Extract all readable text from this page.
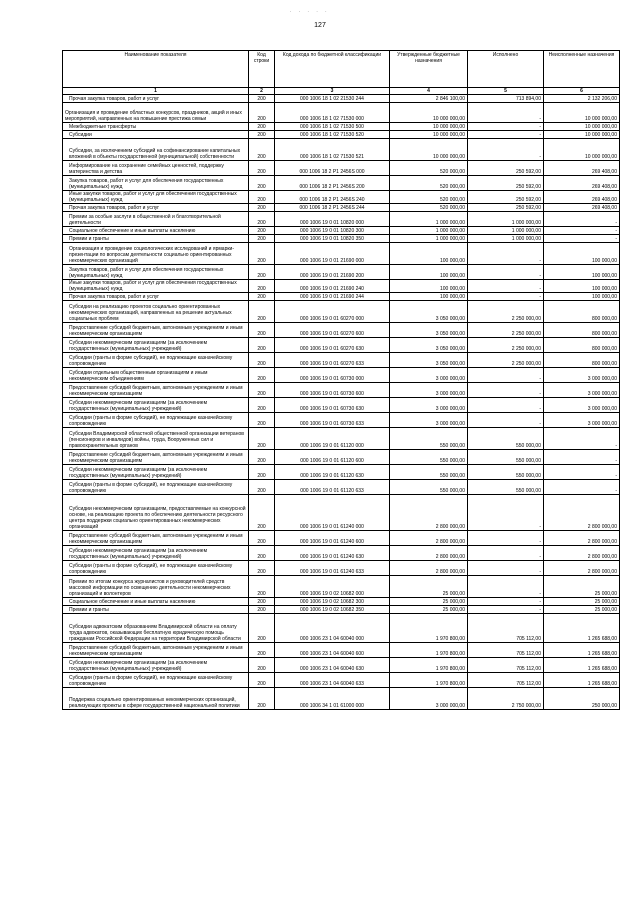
. . . . .
127
Наименование показателя	Код строки	Код дохода по бюджетной классификации	Утвержденные бюджетные назначения	Исполнено	Неисполненные назначения
1	2	3	4	5	6
Прочая закупка товаров, работ и услуг	200	000 1006 18 1 02 21530 244	2 846 100,00	713 894,00	2 132 206,00
Организация и проведение областных конкурсов, праздников, акций и иных мероприятий, направленных на повышение престижа семьи	200	000 1006 18 1 02 71530 000	10 000 000,00	-	10 000 000,00
Межбюджетные трансферты	200	000 1006 18 1 02 71530 500	10 000 000,00	-	10 000 000,00
Субсидии	200	000 1006 18 1 02 71530 520	10 000 000,00	-	10 000 000,00
Субсидии, за исключением субсидий на софинансирование капитальных вложений в объекты государственной (муниципальной) собственности	200	000 1006 18 1 02 71530 521	10 000 000,00	-	10 000 000,00
Информирование на сохранение семейных ценностей, поддержку материнства и детства	200	000 1006 18 2 P1 2456S 000	520 000,00	250 592,00	269 408,00
Закупка товаров, работ и услуг для обеспечения государственных (муниципальных) нужд	200	000 1006 18 2 P1 2456S 200	520 000,00	250 592,00	269 408,00
Иные закупки товаров, работ и услуг для обеспечения государственных (муниципальных) нужд	200	000 1006 18 2 P1 2456S 240	520 000,00	250 592,00	269 408,00
Прочая закупка товаров, работ и услуг	200	000 1006 18 2 P1 2456S 244	520 000,00	250 592,00	269 408,00
Премии за особые заслуги в общественной и благотворительной деятельности	200	000 1006 19 0 01 10820 000	1 000 000,00	1 000 000,00	-
Социальное обеспечение и иные выплаты населению	200	000 1006 19 0 01 10820 300	1 000 000,00	1 000 000,00	-
Премии и гранты	200	000 1006 19 0 01 10820 350	1 000 000,00	1 000 000,00	-
Организация и проведение социологических исследований и ярмарки-презентации по вопросам деятельности социально ориентированных некоммерческих организаций	200	000 1006 19 0 01 21690 000	100 000,00	-	100 000,00
Закупка товаров, работ и услуг для обеспечения государственных (муниципальных) нужд	200	000 1006 19 0 01 21690 200	100 000,00	-	100 000,00
Иные закупки товаров, работ и услуг для обеспечения государственных (муниципальных) нужд	200	000 1006 19 0 01 21690 240	100 000,00	-	100 000,00
Прочая закупка товаров, работ и услуг	200	000 1006 19 0 01 21690 244	100 000,00	-	100 000,00
Субсидии на реализацию проектов социально ориентированных некоммерческих организаций, направленных на решение актуальных социальных проблем	200	000 1006 19 0 01 60270 000	3 050 000,00	2 250 000,00	800 000,00
Предоставление субсидий бюджетным, автономным учреждениям и иным некоммерческим организациям	200	000 1006 19 0 01 60270 600	3 050 000,00	2 250 000,00	800 000,00
Субсидии некоммерческим организациям (за исключением государственных (муниципальных) учреждений)	200	000 1006 19 0 01 60270 630	3 050 000,00	2 250 000,00	800 000,00
Субсидии (гранты в форме субсидий), не подлежащие казначейскому сопровождению	200	000 1006 19 0 01 60270 633	3 050 000,00	2 250 000,00	800 000,00
Субсидии отдельным общественным организациям и иным некоммерческим объединениям	200	000 1006 19 0 01 60730 000	3 000 000,00	-	3 000 000,00
Предоставление субсидий бюджетным, автономным учреждениям и иным некоммерческим организациям	200	000 1006 19 0 01 60730 600	3 000 000,00	-	3 000 000,00
Субсидии некоммерческим организациям (за исключением государственных (муниципальных) учреждений)	200	000 1006 19 0 01 60730 630	3 000 000,00	-	3 000 000,00
Субсидии (гранты в форме субсидий), не подлежащие казначейскому сопровождению	200	000 1006 19 0 01 60730 633	3 000 000,00	-	3 000 000,00
Субсидии Владимирской областной общественной организации ветеранов (пенсионеров и инвалидов) войны, труда, Вооруженных сил и правоохранительных органов	200	000 1006 19 0 01 61120 000	550 000,00	550 000,00	-
Предоставление субсидий бюджетным, автономным учреждениям и иным некоммерческим организациям	200	000 1006 19 0 01 61120 600	550 000,00	550 000,00	-
Субсидии некоммерческим организациям (за исключением государственных (муниципальных) учреждений)	200	000 1006 19 0 01 61120 630	550 000,00	550 000,00	-
Субсидии (гранты в форме субсидий), не подлежащие казначейскому сопровождению	200	000 1006 19 0 01 61120 633	550 000,00	550 000,00	-
Субсидии некоммерческим организациям, предоставляемые на конкурсной основе, на реализацию проекта по обеспечению деятельности ресурсного центра поддержки социально ориентированных некоммерческих организаций	200	000 1006 19 0 01 61240 000	2 800 000,00	-	2 800 000,00
Предоставление субсидий бюджетным, автономным учреждениям и иным некоммерческим организациям	200	000 1006 19 0 01 61240 600	2 800 000,00	-	2 800 000,00
Субсидии некоммерческим организациям (за исключением государственных (муниципальных) учреждений)	200	000 1006 19 0 01 61240 630	2 800 000,00	-	2 800 000,00
Субсидии (гранты в форме субсидий), не подлежащие казначейскому сопровождению	200	000 1006 19 0 01 61240 633	2 800 000,00	-	2 800 000,00
Премии по итогам конкурса журналистов и руководителей средств массовой информации по освещению деятельности некоммерческих организаций и волонтеров	200	000 1006 19 0 02 10682 000	25 000,00	-	25 000,00
Социальное обеспечение и иные выплаты населению	200	000 1006 19 0 02 10682 300	25 000,00	-	25 000,00
Премии и гранты	200	000 1006 19 0 02 10682 350	25 000,00	-	25 000,00
Субсидии адвокатским образованиям Владимирской области на оплату труда адвокатов, оказывающих бесплатную юридическую помощь гражданам Российской Федерации на территории Владимирской области	200	000 1006 23 1 04 60040 000	1 970 800,00	705 112,00	1 265 688,00
Предоставление субсидий бюджетным, автономным учреждениям и иным некоммерческим организациям	200	000 1006 23 1 04 60040 600	1 970 800,00	705 112,00	1 265 688,00
Субсидии некоммерческим организациям (за исключением государственных (муниципальных) учреждений)	200	000 1006 23 1 04 60040 630	1 970 800,00	705 112,00	1 265 688,00
Субсидии (гранты в форме субсидий), не подлежащие казначейскому сопровождению	200	000 1006 23 1 04 60040 633	1 970 800,00	705 112,00	1 265 688,00
Поддержка социально ориентированных некоммерческих организаций, реализующих проекты в сфере государственной национальной политики	200	000 1006 34 1 01 61000 000	3 000 000,00	2 750 000,00	250 000,00
